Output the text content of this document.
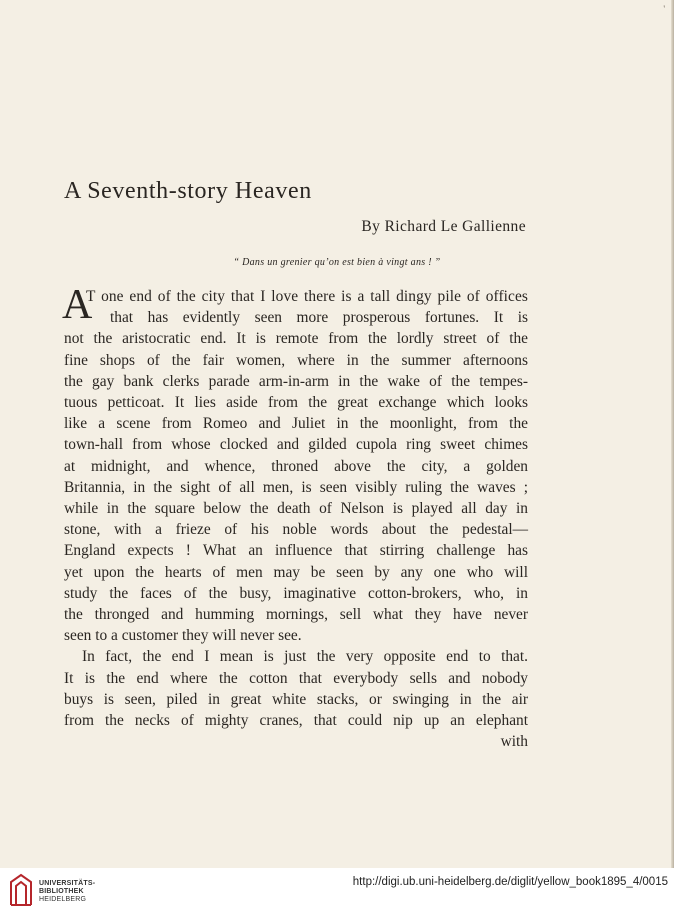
'
A Seventh-story Heaven
By Richard Le Gallienne
“ Dans un grenier qu’on est bien à vingt ans ! ”
A
T one end of the city that I love there is a tall dingy pile of offices
that has evidently seen more prosperous fortunes. It is
not the aristocratic end. It is remote from the lordly street of the
fine shops of the fair women, where in the summer afternoons
the gay bank clerks parade arm-in-arm in the wake of the tempes-
tuous petticoat. It lies aside from the great exchange which looks
like a scene from Romeo and Juliet in the moonlight, from the
town-hall from whose clocked and gilded cupola ring sweet chimes
at midnight, and whence, throned above the city, a golden
Britannia, in the sight of all men, is seen visibly ruling the waves ;
while in the square below the death of Nelson is played all day in
stone, with a frieze of his noble words about the pedestal—
England expects ! What an influence that stirring challenge has
yet upon the hearts of men may be seen by any one who will
study the faces of the busy, imaginative cotton-brokers, who, in
the thronged and humming mornings, sell what they have never
seen to a customer they will never see.
In fact, the end I mean is just the very opposite end to that.
It is the end where the cotton that everybody sells and nobody
buys is seen, piled in great white stacks, or swinging in the air
from the necks of mighty cranes, that could nip up an elephant
with
UNIVERSITÄTS-
BIBLIOTHEK
HEIDELBERG
http://digi.ub.uni-heidelberg.de/diglit/yellow_book1895_4/0015
